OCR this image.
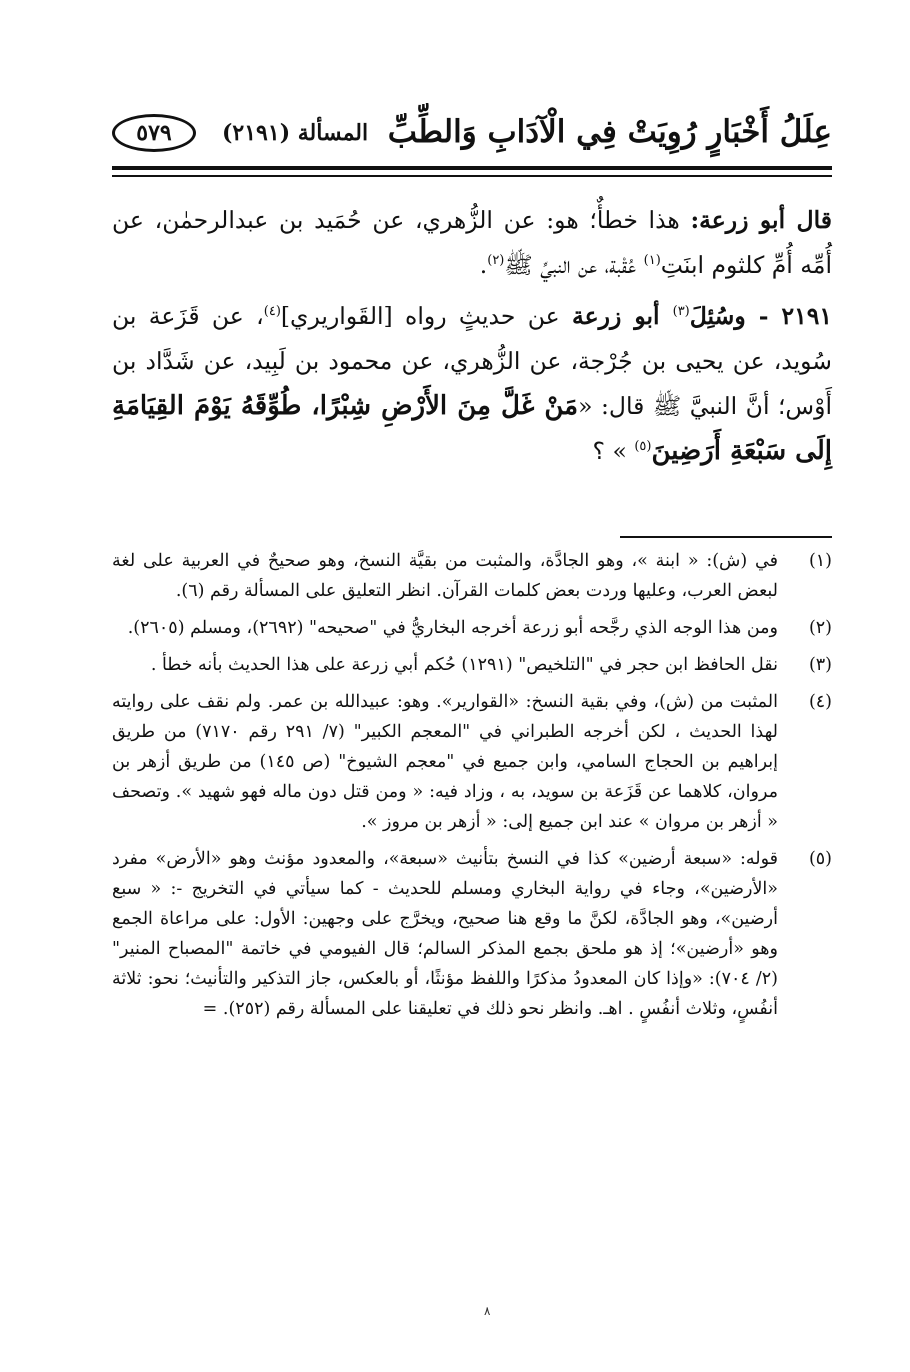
عِلَلُ أَخْبَارٍ رُوِيَتْ فِي الْآدَابِ وَالطِّبِّ
المسألة (٢١٩١)
٥٧٩

قال أبو زرعة: هذا خطأٌ؛ هو: عن الزُّهري، عن حُمَيد بن عبدالرحمٰن، عن أُمِّه أُمِّ كلثوم ابنَتِ$^{(١)}$ عُقْبة، عن النبيِّ ﷺ$^{(٢)}$.

٢١٩١ - وسُئِلَ$^{(٣)}$ أبو زرعة عن حديثٍ رواه [القَواريري]$^{(٤)}$، عن قَزَعة بن سُويد، عن يحيى بن جُرْجة، عن الزُّهري، عن محمود بن لَبِيد، عن شَدَّاد بن أَوْس؛ أنَّ النبيَّ ﷺ قال: «مَنْ غَلَّ مِنَ الأَرْضِ شِبْرًا، طُوِّقَهُ يَوْمَ القِيَامَةِ إِلَى سَبْعَةِ أَرَضِينَ$^{(٥)}$ » ؟

(١)
في (ش): « ابنة »، وهو الجادَّة، والمثبت من بقيَّة النسخ، وهو صحيحٌ في العربية على لغة لبعض العرب، وعليها وردت بعض كلمات القرآن. انظر التعليق على المسألة رقم (٦).
(٢)
ومن هذا الوجه الذي رجَّحه أبو زرعة أخرجه البخاريُّ في "صحيحه" (٢٦٩٢)، ومسلم (٢٦٠٥).
(٣)
نقل الحافظ ابن حجر في "التلخيص" (١٢٩١) حُكم أبي زرعة على هذا الحديث بأنه خطأ .
(٤)
المثبت من (ش)، وفي بقية النسخ: «القوارير». وهو: عبيدالله بن عمر. ولم نقف على روايته لهذا الحديث ، لكن أخرجه الطبراني في "المعجم الكبير" (٧/ ٢٩١ رقم ٧١٧٠) من طريق إبراهيم بن الحجاج السامي، وابن جميع في "معجم الشيوخ" (ص ١٤٥) من طريق أزهر بن مروان، كلاهما عن قَزَعة بن سويد، به ، وزاد فيه: « ومن قتل دون ماله فهو شهيد ». وتصحف « أزهر بن مروان » عند ابن جميع إلى: « أزهر بن مروز ».
(٥)
قوله: «سبعة أرضين» كذا في النسخ بتأنيث «سبعة»، والمعدود مؤنث وهو «الأرض» مفرد «الأرضين»، وجاء في رواية البخاري ومسلم للحديث - كما سيأتي في التخريج -: « سبع أرضين»، وهو الجادَّة، لكنَّ ما وقع هنا صحيح، ويخرَّج على وجهين: الأول: على مراعاة الجمع وهو «أرضين»؛ إذ هو ملحق بجمع المذكر السالم؛ قال الفيومي في خاتمة "المصباح المنير" (٢/ ٧٠٤): «وإذا كان المعدودُ مذكرًا واللفظ مؤنثًا، أو بالعكس، جاز التذكير والتأنيث؛ نحو: ثلاثة أنفُسٍ، وثلاث أنفُسٍ . اهـ. وانظر نحو ذلك في تعليقنا على المسألة رقم (٢٥٢). =
٨
